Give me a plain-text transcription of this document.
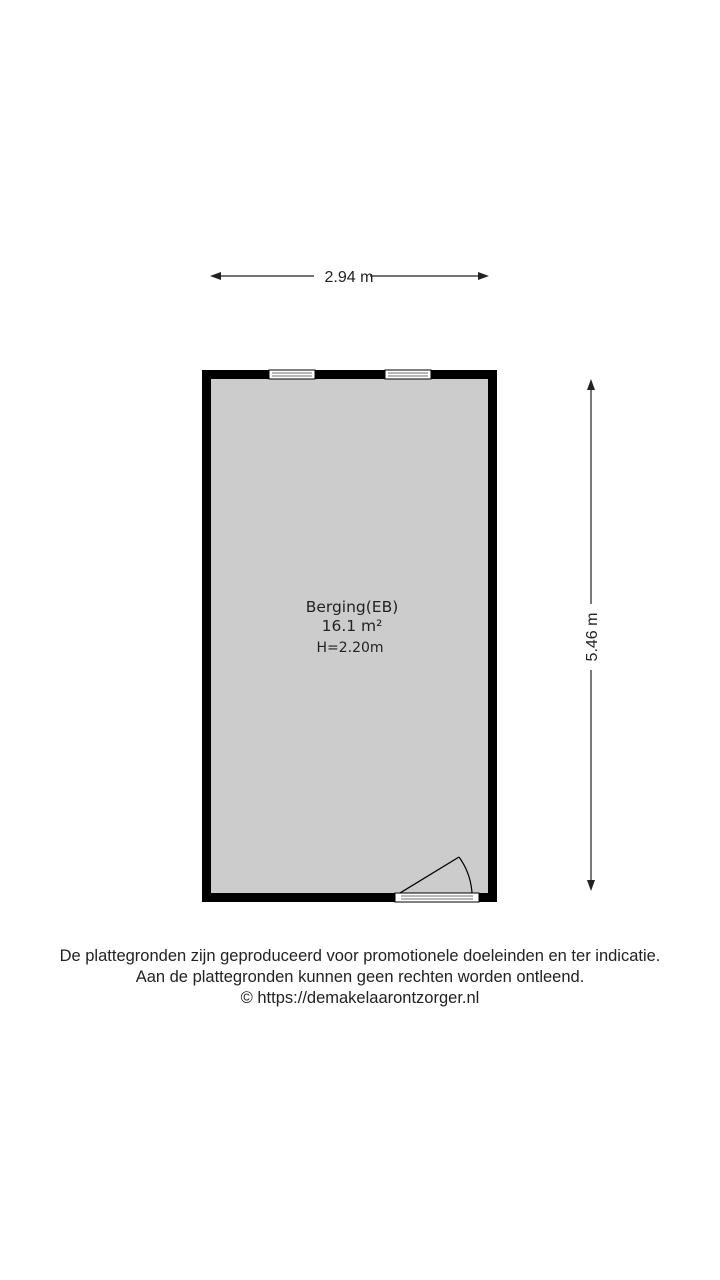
2.94 m
5.46 m
Berging(EB)
16.1 m²
H=2.20m
De plattegronden zijn geproduceerd voor promotionele doeleinden en ter indicatie.
Aan de plattegronden kunnen geen rechten worden ontleend.
© https://demakelaarontzorger.nl
